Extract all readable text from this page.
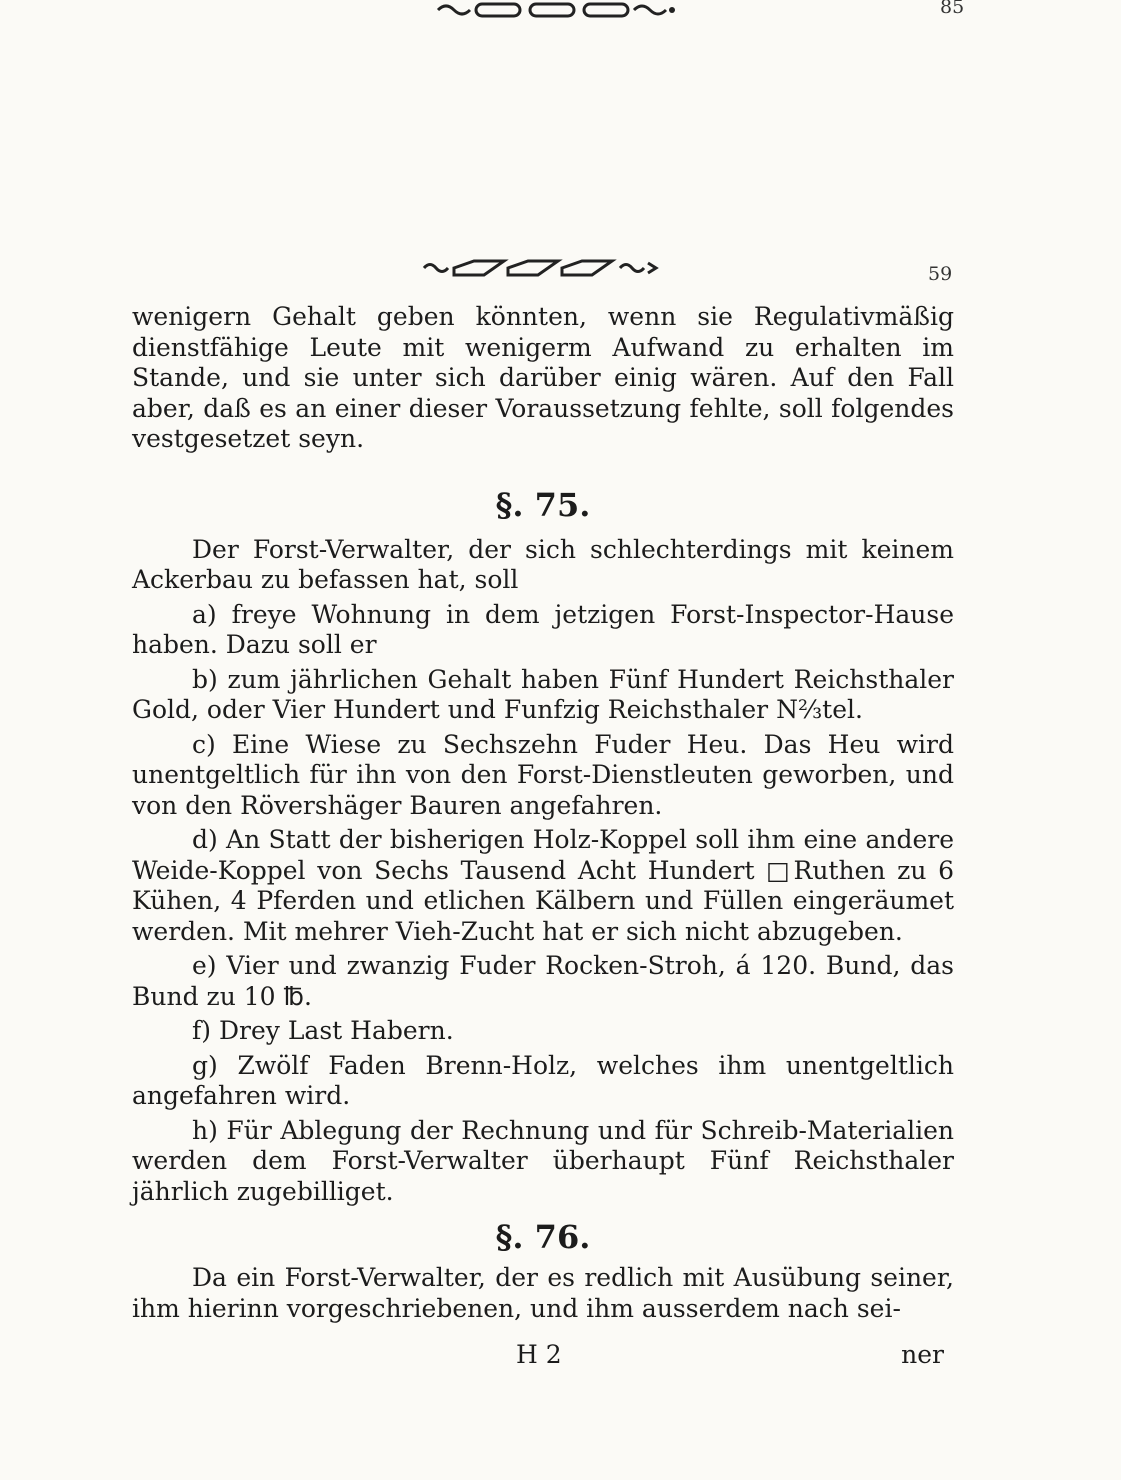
85
59

wenigern Gehalt geben könnten, wenn sie Regulativmäßig dienstfähige Leute mit wenigerm Aufwand zu erhalten im Stande, und sie unter sich darüber einig wären. Auf den Fall aber, daß es an einer dieser Voraussetzung fehlte, soll folgendes vestgesetzet seyn.

§. 75.

Der Forst-Verwalter, der sich schlechterdings mit keinem Ackerbau zu befassen hat, soll

a) freye Wohnung in dem jetzigen Forst-Inspector-Hause haben. Dazu soll er

b) zum jährlichen Gehalt haben Fünf Hundert Reichsthaler Gold, oder Vier Hundert und Funfzig Reichsthaler N⅔tel.

c) Eine Wiese zu Sechszehn Fuder Heu. Das Heu wird unentgeltlich für ihn von den Forst-Dienstleuten geworben, und von den Rövershäger Bauren angefahren.

d) An Statt der bisherigen Holz-Koppel soll ihm eine andere Weide-Koppel von Sechs Tausend Acht Hundert □Ruthen zu 6 Kühen, 4 Pferden und etlichen Kälbern und Füllen eingeräumet werden. Mit mehrer Vieh-Zucht hat er sich nicht abzugeben.

e) Vier und zwanzig Fuder Rocken-Stroh, á 120. Bund, das Bund zu 10 ℔.

f) Drey Last Habern.

g) Zwölf Faden Brenn-Holz, welches ihm unentgeltlich angefahren wird.

h) Für Ablegung der Rechnung und für Schreib-Materialien werden dem Forst-Verwalter überhaupt Fünf Reichsthaler jährlich zugebilliget.

§. 76.

Da ein Forst-Verwalter, der es redlich mit Ausübung seiner, ihm hierinn vorgeschriebenen, und ihm ausserdem nach sei-

H 2	ner
